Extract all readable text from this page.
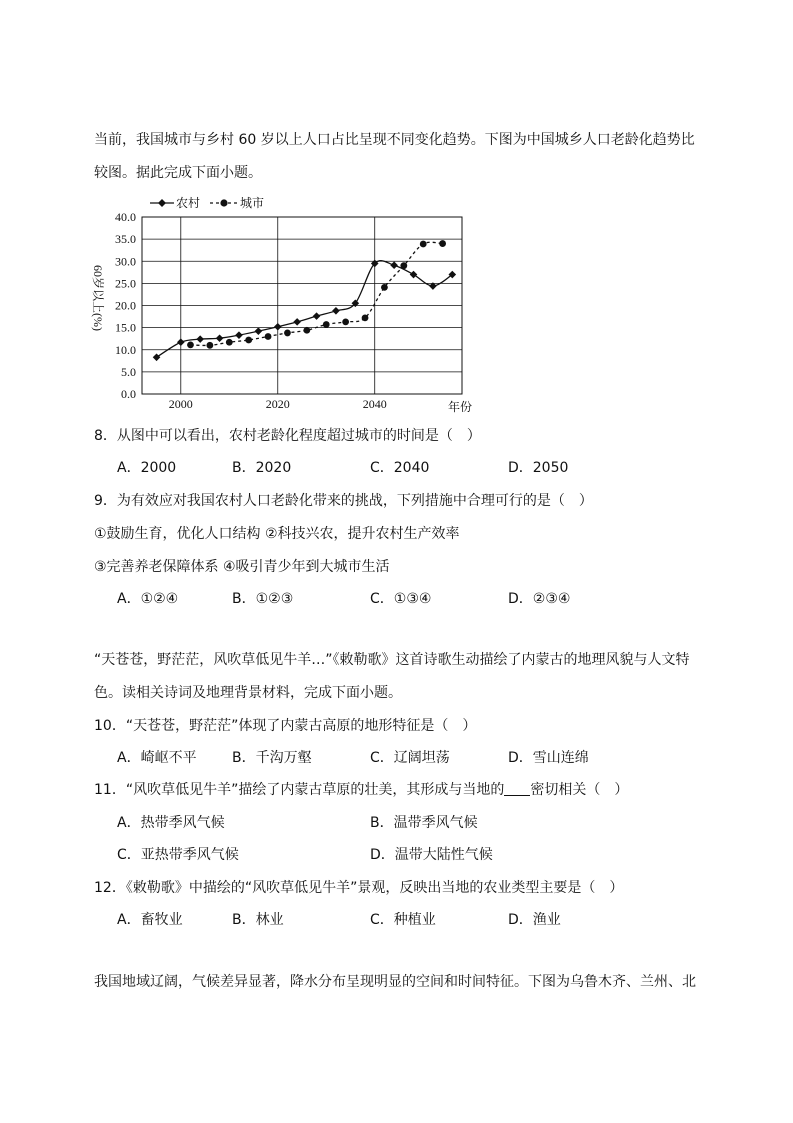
当前，我国城市与乡村 60 岁以上人口占比呈现不同变化趋势。下图为中国城乡人口老龄化趋势比
较图。据此完成下面小题。
0.0
5.0
10.0
15.0
20.0
25.0
30.0
35.0
40.0
2000	2020	2040
农村	城市
60岁以上(%)
年份
8．从图中可以看出，农村老龄化程度超过城市的时间是（　）
A．2000	B．2020	C．2040	D．2050
9．为有效应对我国农村人口老龄化带来的挑战，下列措施中合理可行的是（　）
①鼓励生育，优化人口结构 ②科技兴农，提升农村生产效率
③完善养老保障体系 ④吸引青少年到大城市生活
A．①②④	B．①②③	C．①③④	D．②③④
“天苍苍，野茫茫，风吹草低见牛羊…”《敕勒歌》这首诗歌生动描绘了内蒙古的地理风貌与人文特
色。读相关诗词及地理背景材料，完成下面小题。
10．“天苍苍，野茫茫”体现了内蒙古高原的地形特征是（　）
A．崎岖不平	B．千沟万壑	C．辽阔坦荡	D．雪山连绵
11．“风吹草低见牛羊”描绘了内蒙古草原的壮美，其形成与当地的 密切相关（　）
A．热带季风气候	B．温带季风气候
C．亚热带季风气候	D．温带大陆性气候
12．《敕勒歌》中描绘的“风吹草低见牛羊”景观，反映出当地的农业类型主要是（　）
A．畜牧业	B．林业	C．种植业	D．渔业
我国地域辽阔，气候差异显著，降水分布呈现明显的空间和时间特征。下图为乌鲁木齐、兰州、北
